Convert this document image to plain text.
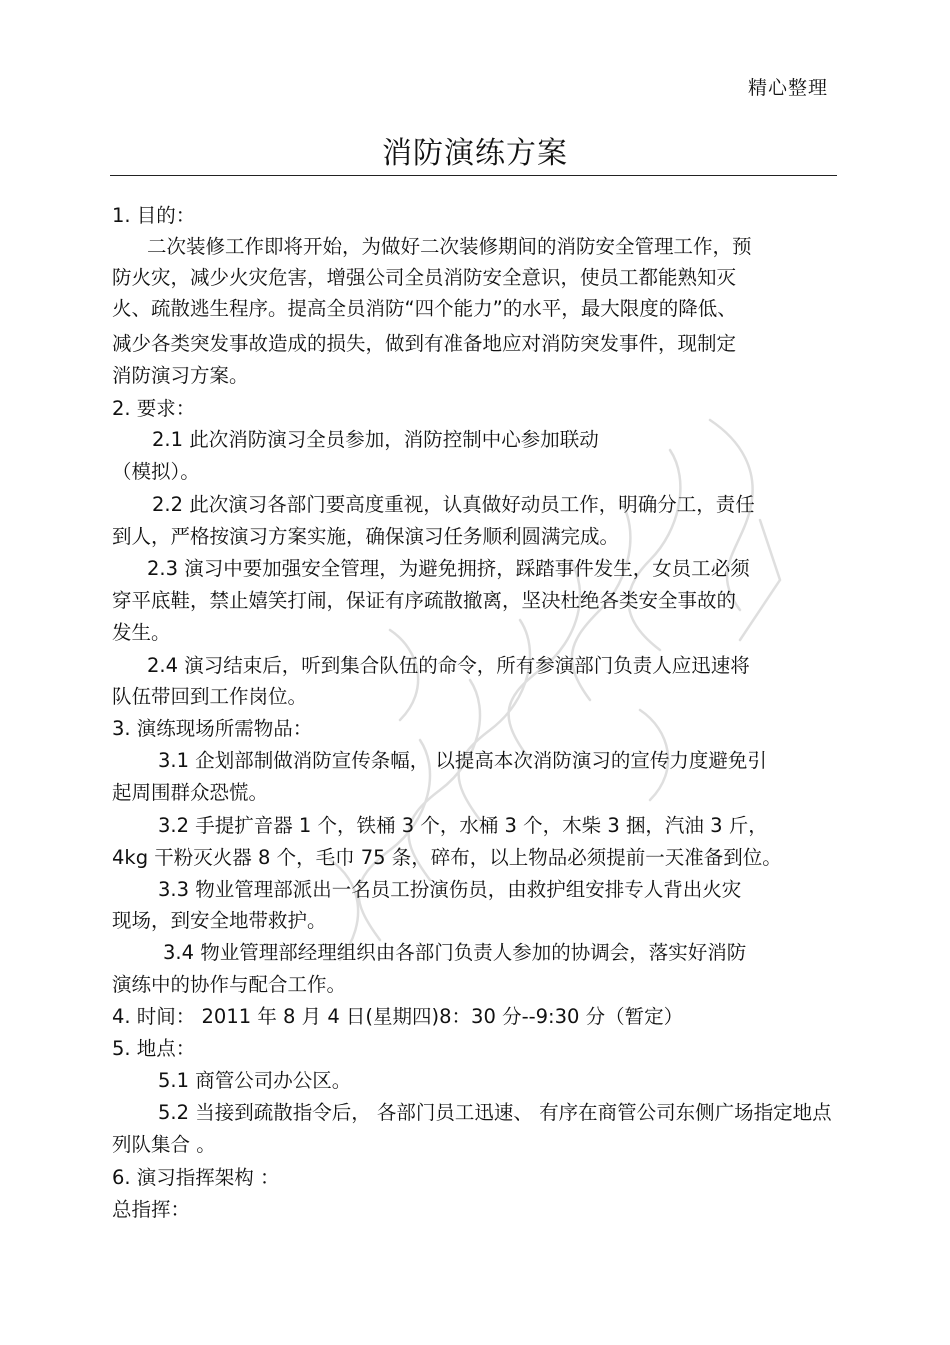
精心整理
消防演练方案
1. 目的：
二次装修工作即将开始，为做好二次装修期间的消防安全管理工作，预
防火灾，减少火灾危害，增强公司全员消防安全意识，使员工都能熟知灭
火、疏散逃生程序。提高全员消防“四个能力”的水平，最大限度的降低、
减少各类突发事故造成的损失，做到有准备地应对消防突发事件，现制定
消防演习方案。
2. 要求：
2.1 此次消防演习全员参加，消防控制中心参加联动
（模拟）。
2.2 此次演习各部门要高度重视，认真做好动员工作，明确分工，责任
到人，严格按演习方案实施，确保演习任务顺利圆满完成。
2.3 演习中要加强安全管理，为避免拥挤，踩踏事件发生，女员工必须
穿平底鞋，禁止嬉笑打闹，保证有序疏散撤离，坚决杜绝各类安全事故的
发生。
2.4 演习结束后，听到集合队伍的命令，所有参演部门负责人应迅速将
队伍带回到工作岗位。
3. 演练现场所需物品：
3.1 企划部制做消防宣传条幅， 以提高本次消防演习的宣传力度避免引
起周围群众恐慌。
3.2 手提扩音器 1 个，铁桶 3 个，水桶 3 个，木柴 3 捆，汽油 3 斤，
4kg 干粉灭火器 8 个，毛巾 75 条，碎布，以上物品必须提前一天准备到位。
3.3 物业管理部派出一名员工扮演伤员，由救护组安排专人背出火灾
现场，到安全地带救护。
3.4 物业管理部经理组织由各部门负责人参加的协调会，落实好消防
演练中的协作与配合工作。
4. 时间： 2011 年 8 月 4 日(星期四)8：30 分--9:30 分（暂定）
5. 地点：
5.1 商管公司办公区。
5.2 当接到疏散指令后， 各部门员工迅速、 有序在商管公司东侧广场指定地点
列队集合 。
6. 演习指挥架构 ：
总指挥：
